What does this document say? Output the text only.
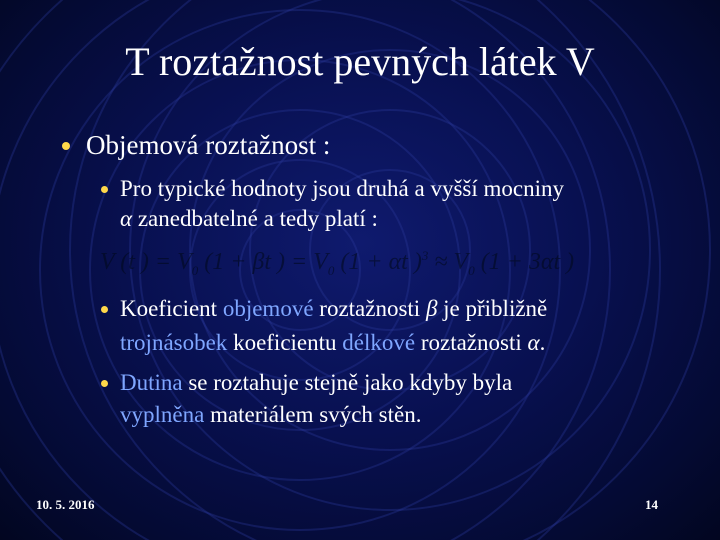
T roztažnost pevných látek V
Objemová roztažnost :
Pro typické hodnoty jsou druhá a vyšší mocniny
α zanedbatelné a tedy platí :
V (t ) = $V_0$ (1 + βt ) = $V_0$ (1 + αt )$^3 \approx V_0$ (1 + 3αt )
Koeficient objemové roztažnosti β je přibližně
trojnásobek koeficientu délkové roztažnosti α.
Dutina se roztahuje stejně jako kdyby byla
vyplněna materiálem svých stěn.
10. 5. 2016	14
